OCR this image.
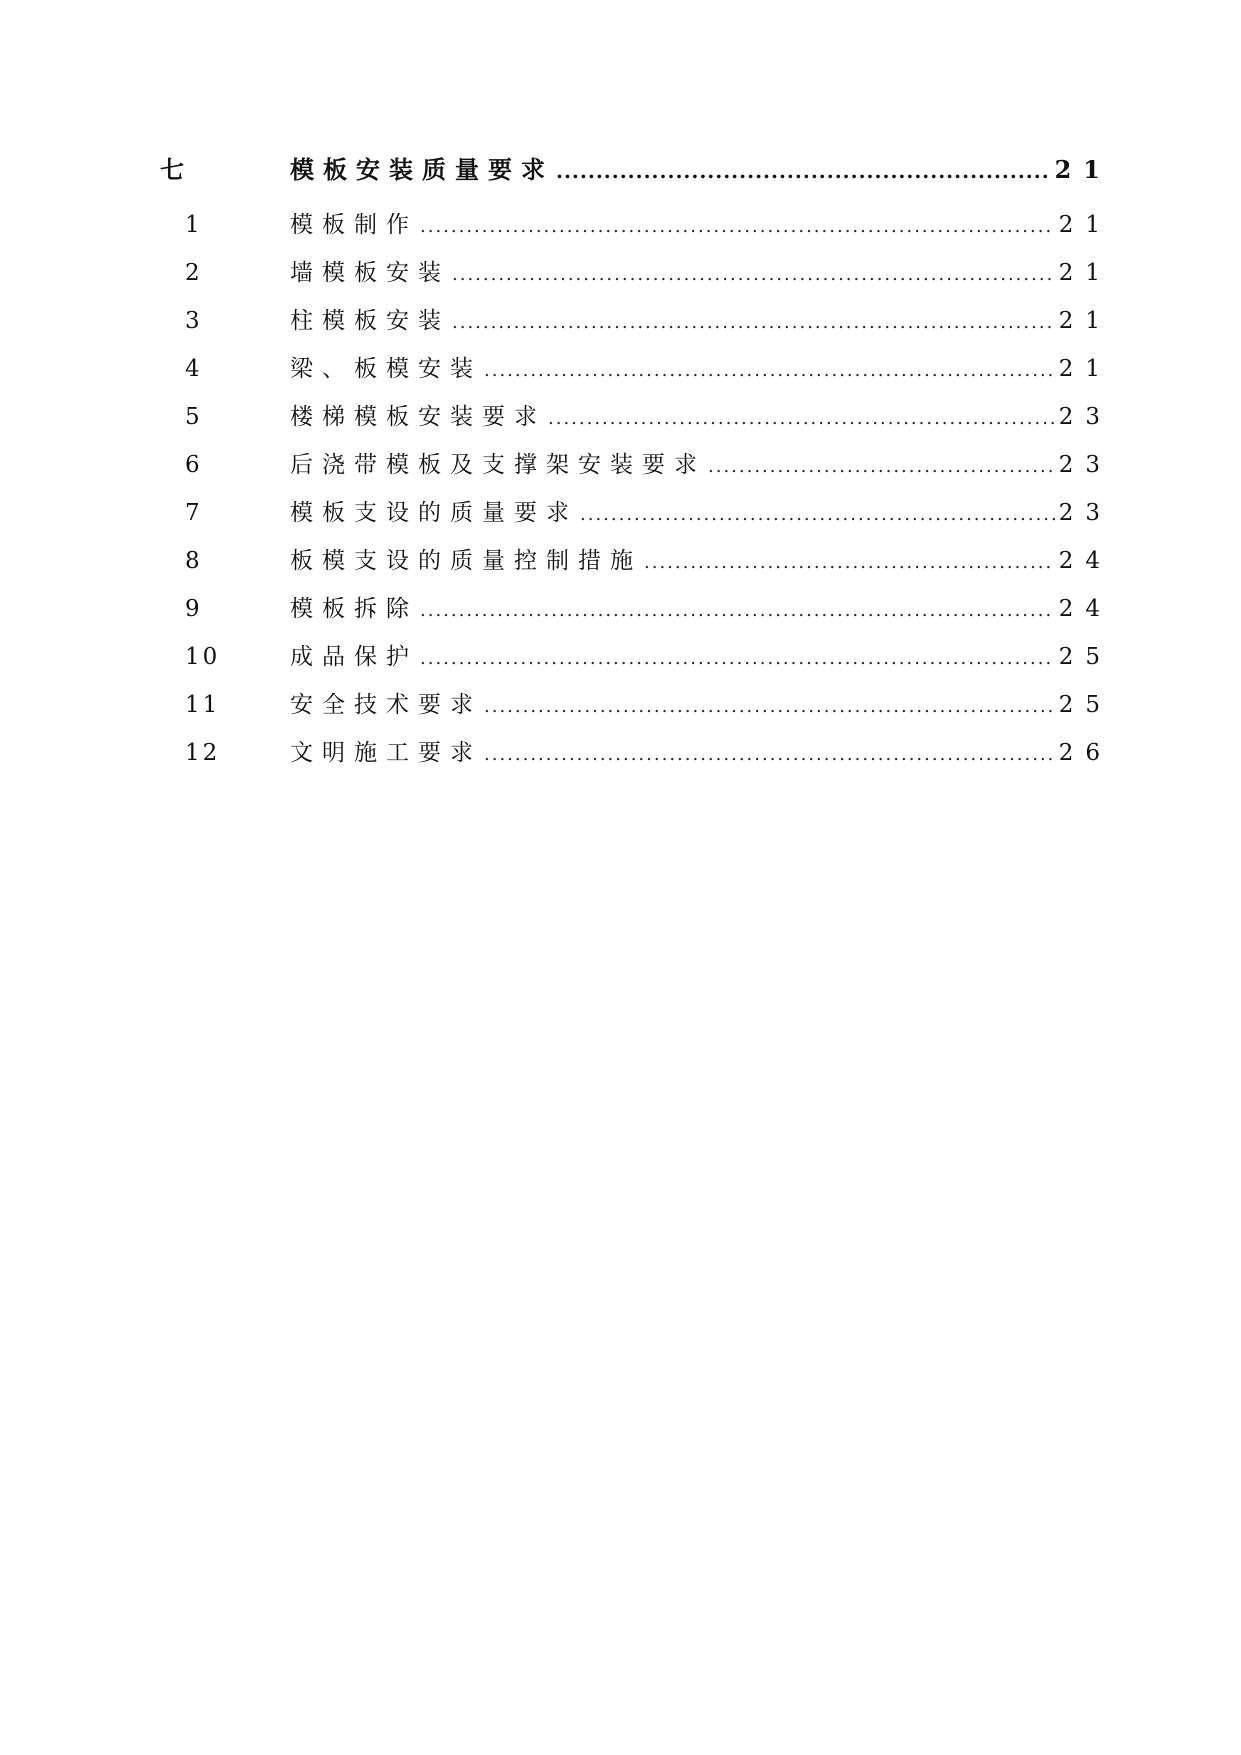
七	模板安装质量要求 .....	21
1	模板制作 .....	21
2	墙模板安装 .....	21
3	柱模板安装 .....	21
4	梁、板模安装 .....	21
5	楼梯模板安装要求 .....	23
6	后浇带模板及支撑架安装要求 .....	23
7	模板支设的质量要求 .....	23
8	板模支设的质量控制措施 .....	24
9	模板拆除 .....	24
10	成品保护 .....	25
11	安全技术要求 .....	25
12	文明施工要求 .....	26
